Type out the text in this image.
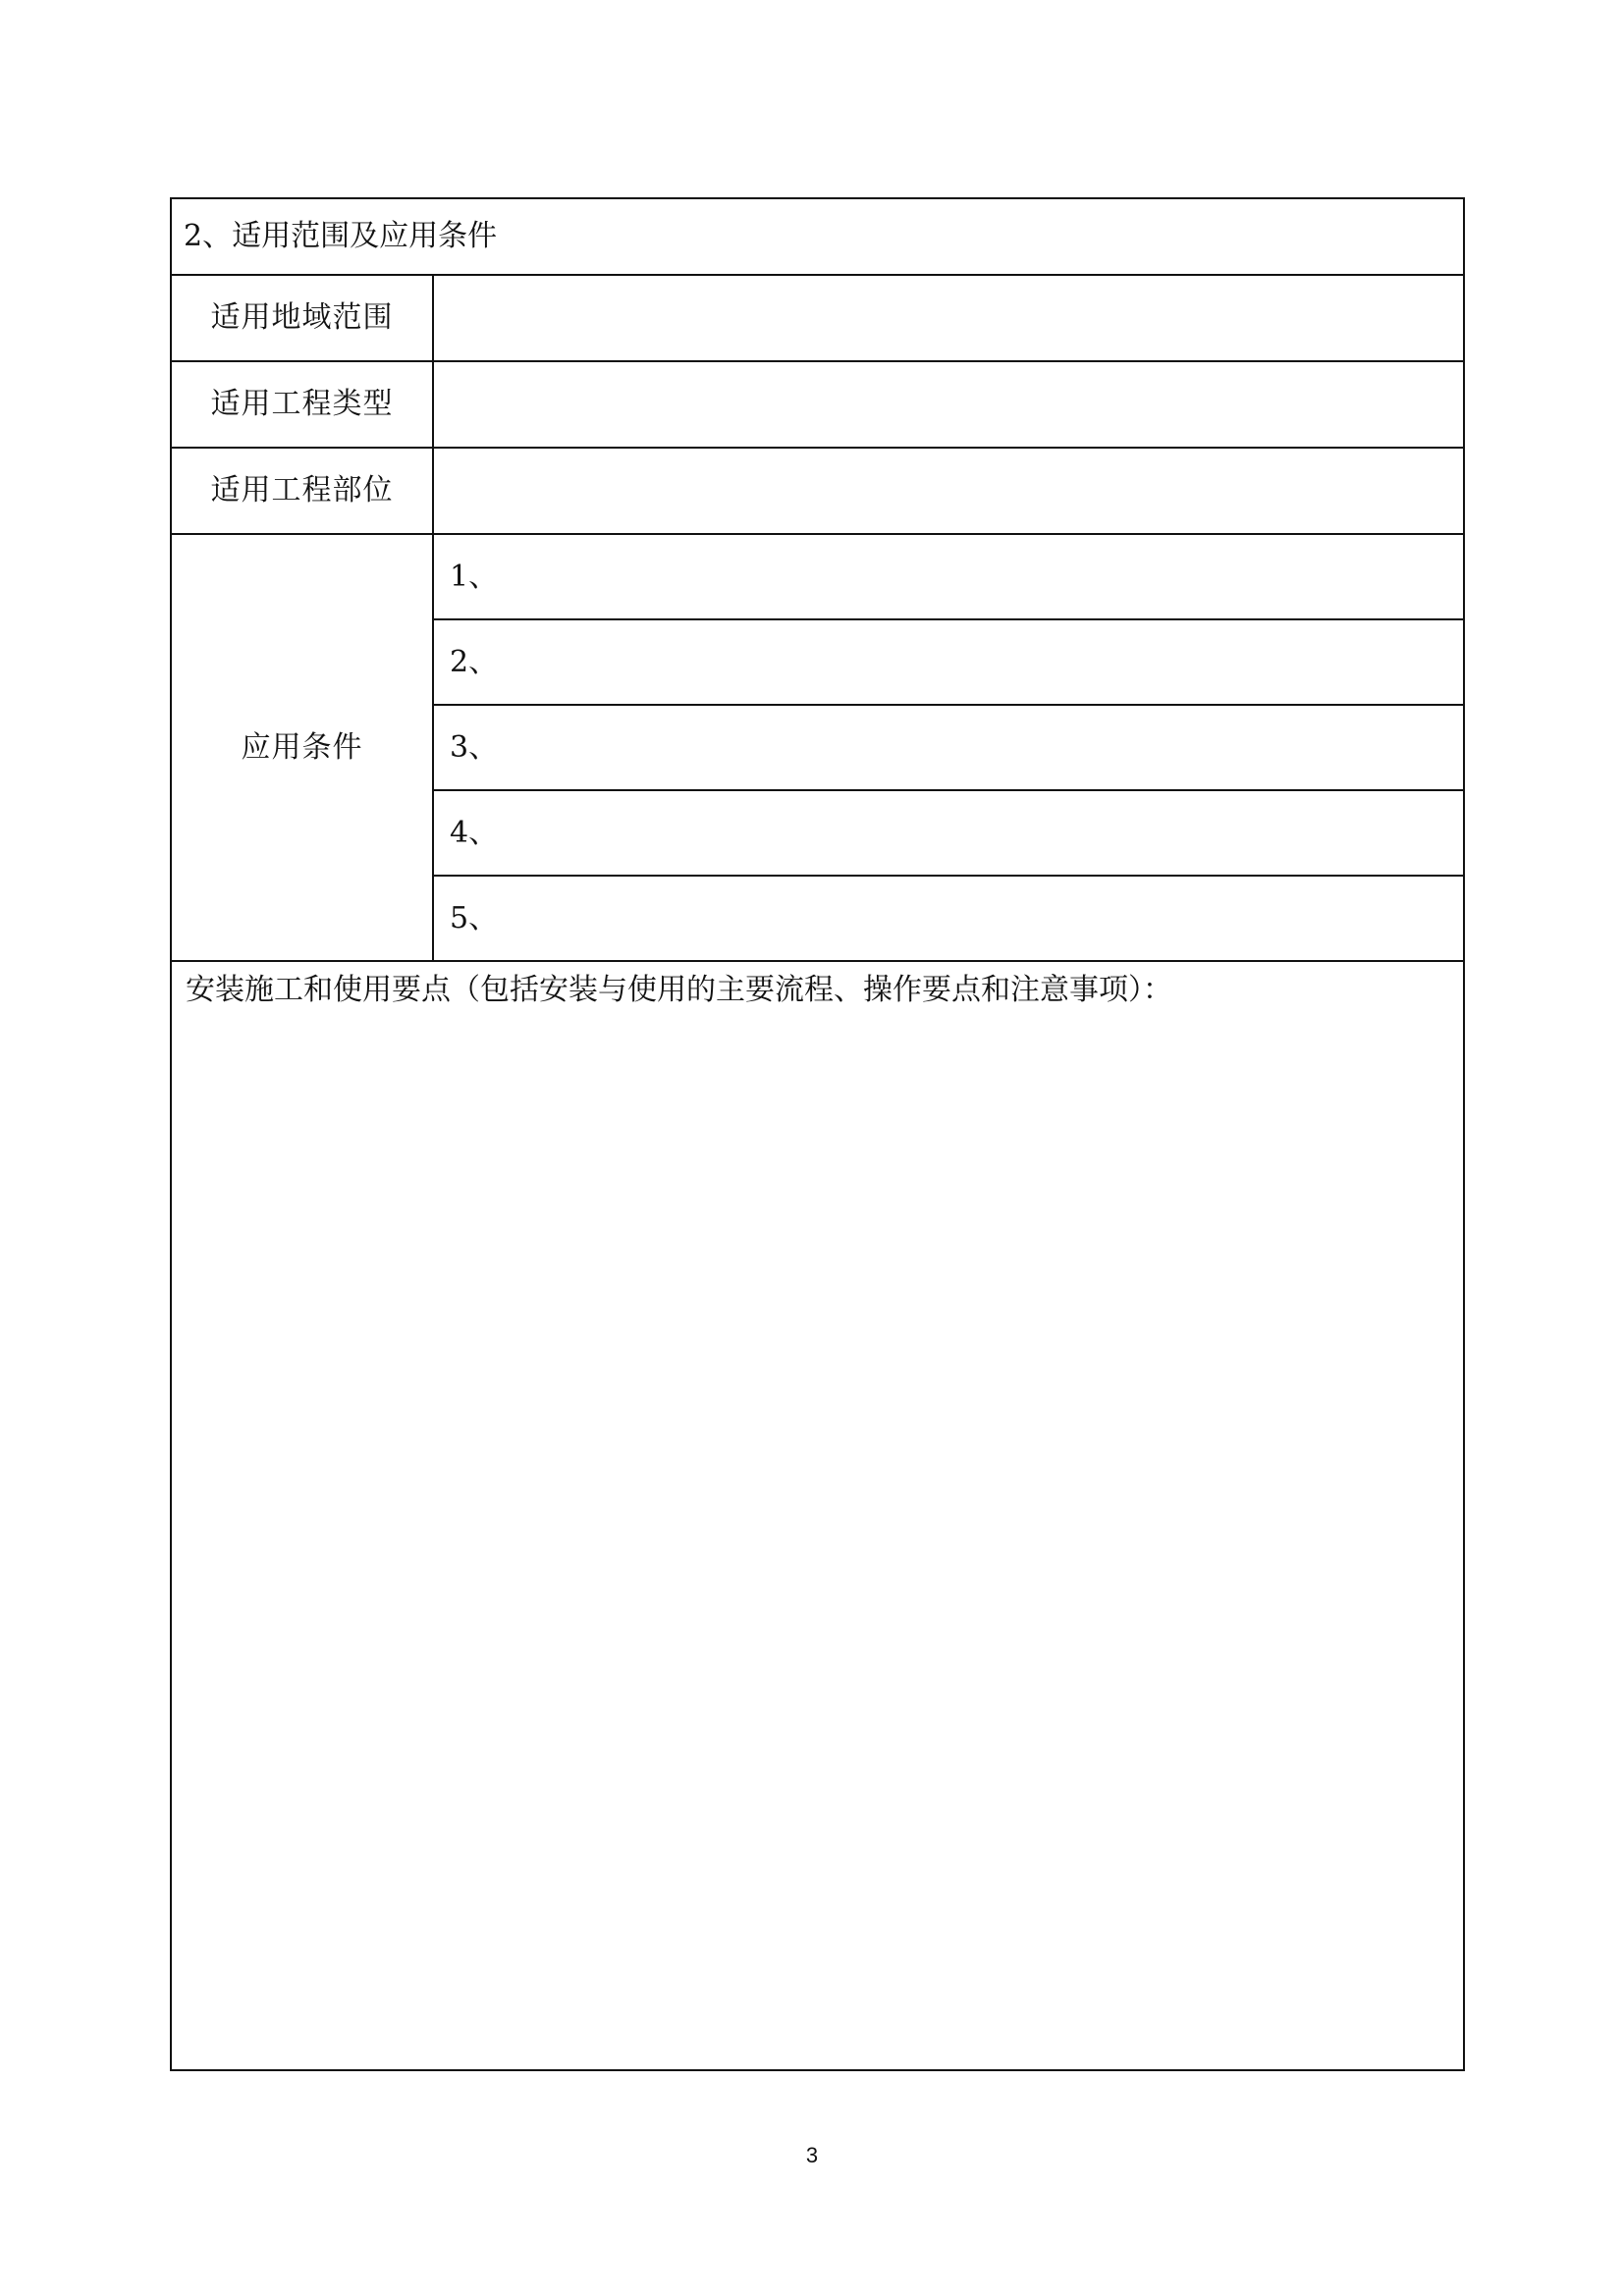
2、适用范围及应用条件	
适用地域范围	
适用工程类型	
适用工程部位	
应用条件	1、
	2、
	3、
	4、
	5、

安装施工和使用要点（包括安装与使用的主要流程、操作要点和注意事项）：	
3
